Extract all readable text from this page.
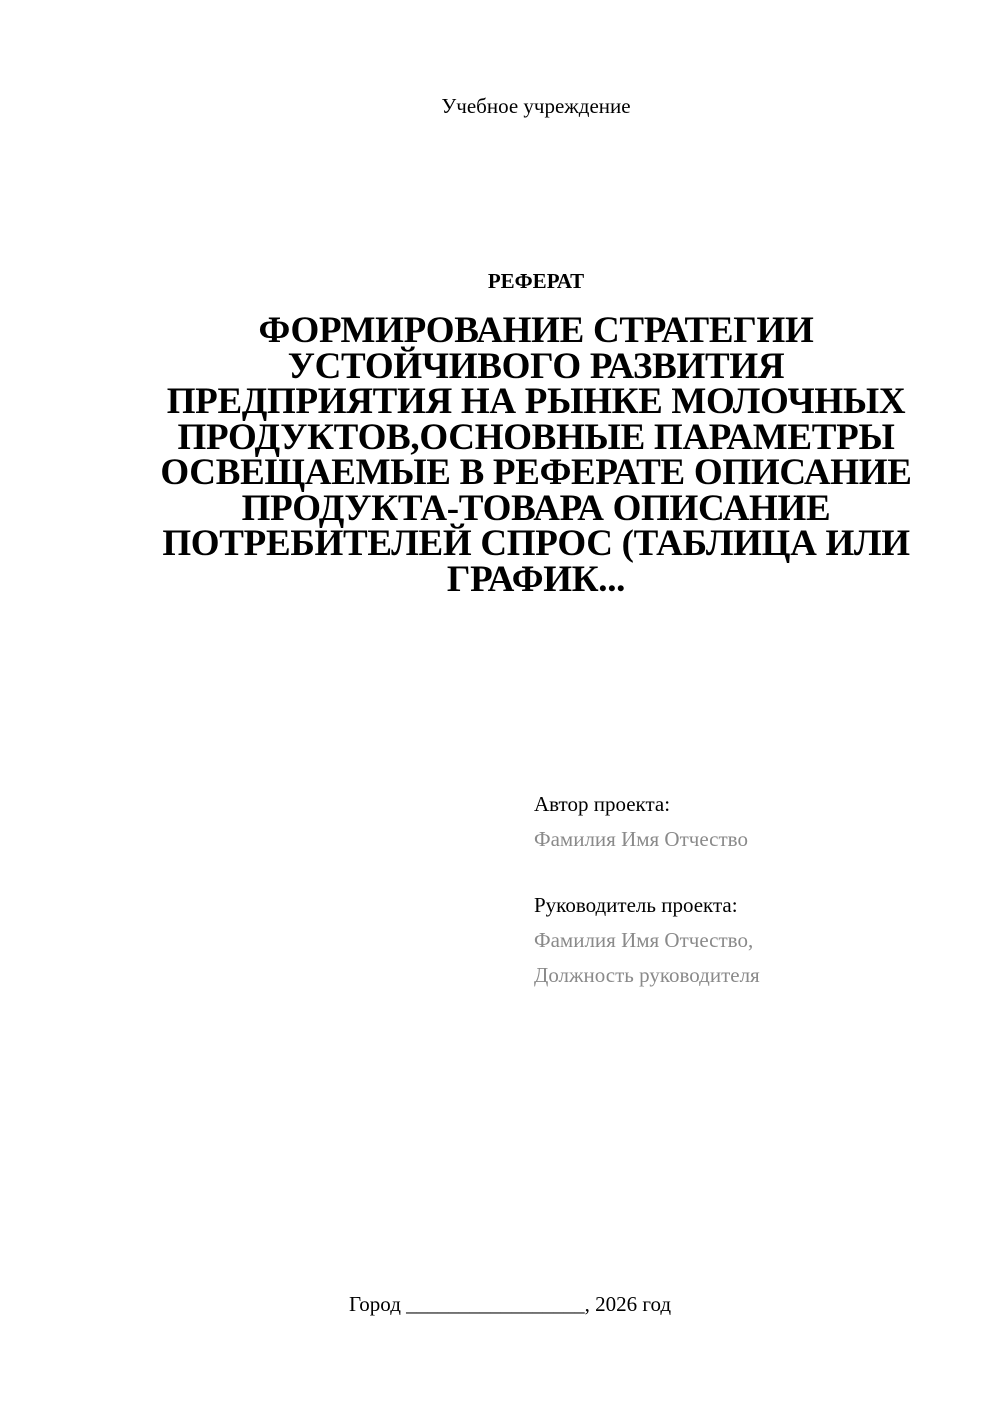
Учебное учреждение
РЕФЕРАТ
ФОРМИРОВАНИЕ СТРАТЕГИИ УСТОЙЧИВОГО РАЗВИТИЯ ПРЕДПРИЯТИЯ НА РЫНКЕ МОЛОЧНЫХ ПРОДУКТОВ,ОСНОВНЫЕ ПАРАМЕТРЫ ОСВЕЩАЕМЫЕ В РЕФЕРАТЕ ОПИСАНИЕ ПРОДУКТА-ТОВАРА ОПИСАНИЕ ПОТРЕБИТЕЛЕЙ СПРОС (ТАБЛИЦА ИЛИ ГРАФИК...
Автор проекта:
Фамилия Имя Отчество
Руководитель проекта:
Фамилия Имя Отчество,
Должность руководителя
Город _________________, 2026 год
